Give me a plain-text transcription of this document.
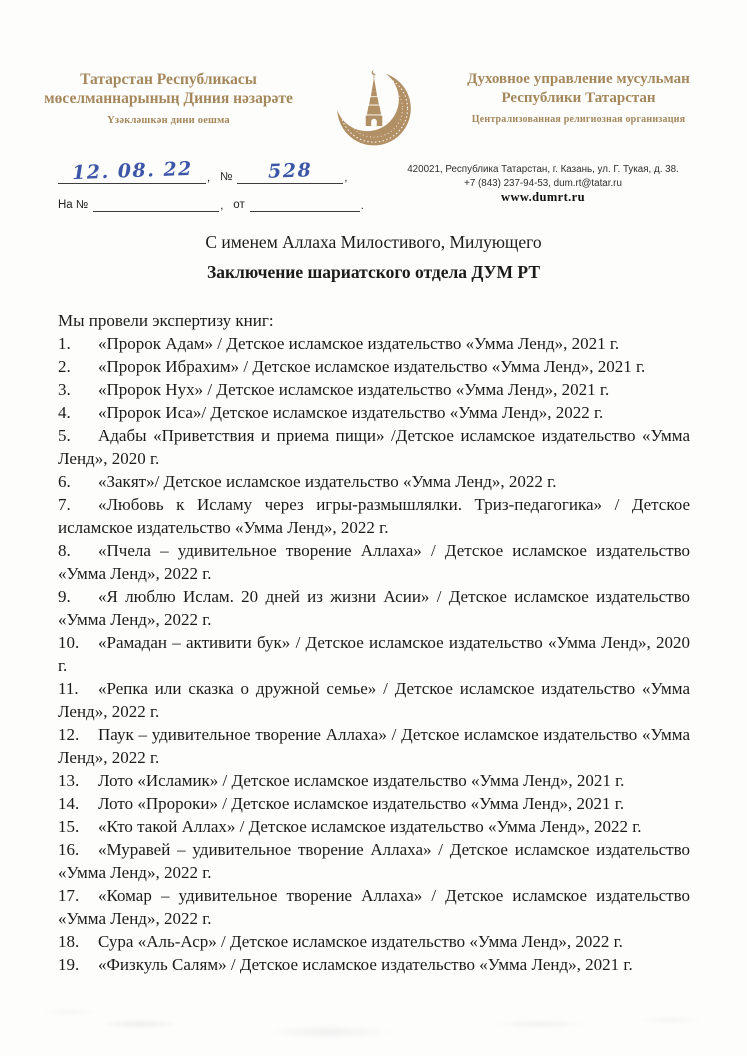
Татарстан Республикасы
мөселманнарының Диния нәзарәте
Үзәкләшкән дини оешма
Духовное управление мусульман
Республики Татарстан
Централизованная религиозная организация
12. 08. 22	, №	528	,
На №	, от	.
420021, Республика Татарстан, г. Казань, ул. Г. Тукая, д. 38.
+7 (843) 237-94-53, dum.rt@tatar.ru
www.dumrt.ru
С именем Аллаха Милостивого, Милующего
Заключение шариатского отдела ДУМ РТ

Мы провели экспертизу книг:

1. «Пророк Адам» / Детское исламское издательство «Умма Ленд», 2021 г.

2. «Пророк Ибрахим» / Детское исламское издательство «Умма Ленд», 2021 г.

3. «Пророк Нух» / Детское исламское издательство «Умма Ленд», 2021 г.

4. «Пророк Иса»/ Детское исламское издательство «Умма Ленд», 2022 г.

5. Адабы «Приветствия и приема пищи» /Детское исламское издательство «Умма Ленд», 2020 г.

6. «Закят»/ Детское исламское издательство «Умма Ленд», 2022 г.

7. «Любовь к Исламу через игры-размышлялки. Триз-педагогика» / Детское исламское издательство «Умма Ленд», 2022 г.

8. «Пчела – удивительное творение Аллаха» / Детское исламское издательство «Умма Ленд», 2022 г.

9. «Я люблю Ислам. 20 дней из жизни Асии» / Детское исламское издательство «Умма Ленд», 2022 г.

10. «Рамадан – активити бук» / Детское исламское издательство «Умма Ленд», 2020 г.

11. «Репка или сказка о дружной семье» / Детское исламское издательство «Умма Ленд», 2022 г.

12. Паук – удивительное творение Аллаха» / Детское исламское издательство «Умма Ленд», 2022 г.

13. Лото «Исламик» / Детское исламское издательство «Умма Ленд», 2021 г.

14. Лото «Пророки» / Детское исламское издательство «Умма Ленд», 2021 г.

15. «Кто такой Аллах» / Детское исламское издательство «Умма Ленд», 2022 г.

16. «Муравей – удивительное творение Аллаха» / Детское исламское издательство «Умма Ленд», 2022 г.

17. «Комар – удивительное творение Аллаха» / Детское исламское издательство «Умма Ленд», 2022 г.

18. Сура «Аль-Аср» / Детское исламское издательство «Умма Ленд», 2022 г.

19. «Физкуль Салям» / Детское исламское издательство «Умма Ленд», 2021 г.
